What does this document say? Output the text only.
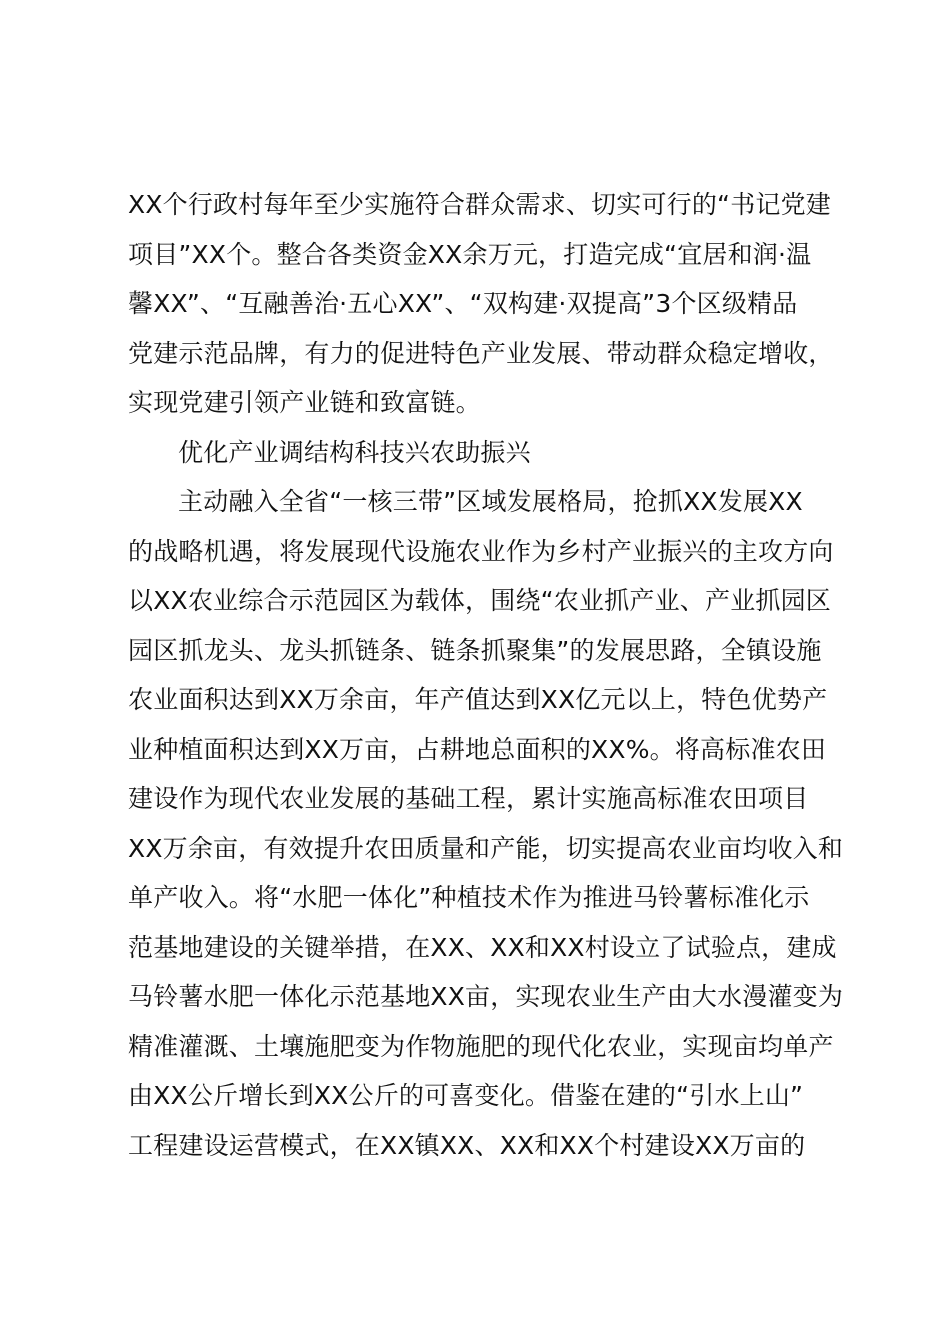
XX个行政村每年至少实施符合群众需求、切实可行的“书记党建
项目”XX个。整合各类资金XX余万元，打造完成“宜居和润·温
馨XX”、“互融善治·五心XX”、“双构建·双提高”3个区级精品
党建示范品牌，有力的促进特色产业发展、带动群众稳定增收，
实现党建引领产业链和致富链。
优化产业调结构科技兴农助振兴
主动融入全省“一核三带”区域发展格局，抢抓XX发展XX
的战略机遇，将发展现代设施农业作为乡村产业振兴的主攻方向
以XX农业综合示范园区为载体，围绕“农业抓产业、产业抓园区
园区抓龙头、龙头抓链条、链条抓聚集”的发展思路，全镇设施
农业面积达到XX万余亩，年产值达到XX亿元以上，特色优势产
业种植面积达到XX万亩，占耕地总面积的XX%。将高标准农田
建设作为现代农业发展的基础工程，累计实施高标准农田项目
XX万余亩，有效提升农田质量和产能，切实提高农业亩均收入和
单产收入。将“水肥一体化”种植技术作为推进马铃薯标准化示
范基地建设的关键举措，在XX、XX和XX村设立了试验点，建成
马铃薯水肥一体化示范基地XX亩，实现农业生产由大水漫灌变为
精准灌溉、土壤施肥变为作物施肥的现代化农业，实现亩均单产
由XX公斤增长到XX公斤的可喜变化。借鉴在建的“引水上山”
工程建设运营模式，在XX镇XX、XX和XX个村建设XX万亩的
